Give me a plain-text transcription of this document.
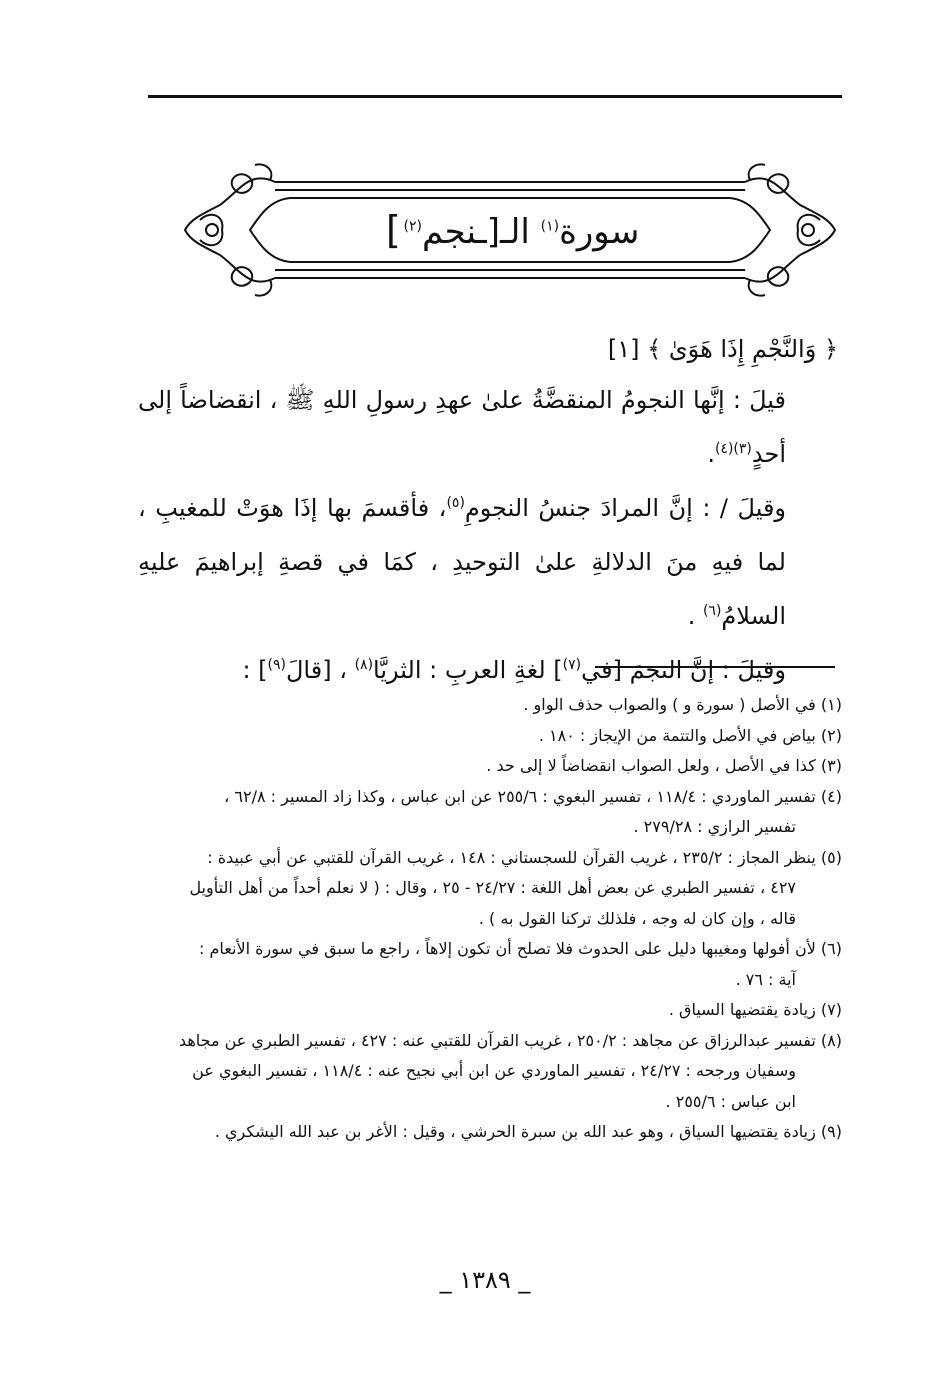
سورة$^{(١)}$ الـ[ـنجم$^{(٢)}$]
﴿ وَالنَّجْمِ إِذَا هَوَىٰ ﴾ [١]
قيلَ : إنَّها النجومُ المنقضَّةُ علىٰ عهدِ رسولِ اللهِ ﷺ ، انقضاضاً إلى أحدٍ$^{(٣)(٤)}$.
وقيلَ / : إنَّ المرادَ جنسُ النجومِ$^{(٥)}$، فأقسمَ بها إذَا هوَتْ للمغيبِ ، لما فيهِ منَ الدلالةِ علىٰ التوحيدِ ، كمَا في قصةِ إبراهيمَ عليهِ السلامُ$^{(٦)}$ .
وقيلَ : إنَّ النجمَ [في$^{(٧)}$] لغةِ العربِ : الثريَّا$^{(٨)}$ ، [قالَ$^{(٩)}$] :

(١) في الأصل ( سورة و ) والصواب حذف الواو .

(٢) بياض في الأصل والتتمة من الإيجاز : ١٨٠ .

(٣) كذا في الأصل ، ولعل الصواب انقضاضاً لا إلى حد .

(٤) تفسير الماوردي : ١١٨/٤ ، تفسير البغوي : ٢٥٥/٦ عن ابن عباس ، وكذا زاد المسير : ٦٢/٨ ،
تفسير الرازي : ٢٧٩/٢٨ .

(٥) ينظر المجاز : ٢٣٥/٢ ، غريب القرآن للسجستاني : ١٤٨ ، غريب القرآن للقتبي عن أبي عبيدة :
٤٢٧ ، تفسير الطبري عن بعض أهل اللغة : ٢٤/٢٧ - ٢٥ ، وقال : ( لا نعلم أحداً من أهل التأويل
قاله ، وإن كان له وجه ، فلذلك تركنا القول به ) .

(٦) لأن أفولها ومغيبها دليل على الحدوث فلا تصلح أن تكون إلاهاً ، راجع ما سبق في سورة الأنعام :
آية : ٧٦ .

(٧) زيادة يقتضيها السياق .

(٨) تفسير عبدالرزاق عن مجاهد : ٢٥٠/٢ ، غريب القرآن للقتبي عنه : ٤٢٧ ، تفسير الطبري عن مجاهد
وسفيان ورجحه : ٢٤/٢٧ ، تفسير الماوردي عن ابن أبي نجيح عنه : ١١٨/٤ ، تفسير البغوي عن
ابن عباس : ٢٥٥/٦ .

(٩) زيادة يقتضيها السياق ، وهو عبد الله بن سبرة الحرشي ، وقيل : الأغر بن عبد الله اليشكري .

_ ١٣٨٩ _
